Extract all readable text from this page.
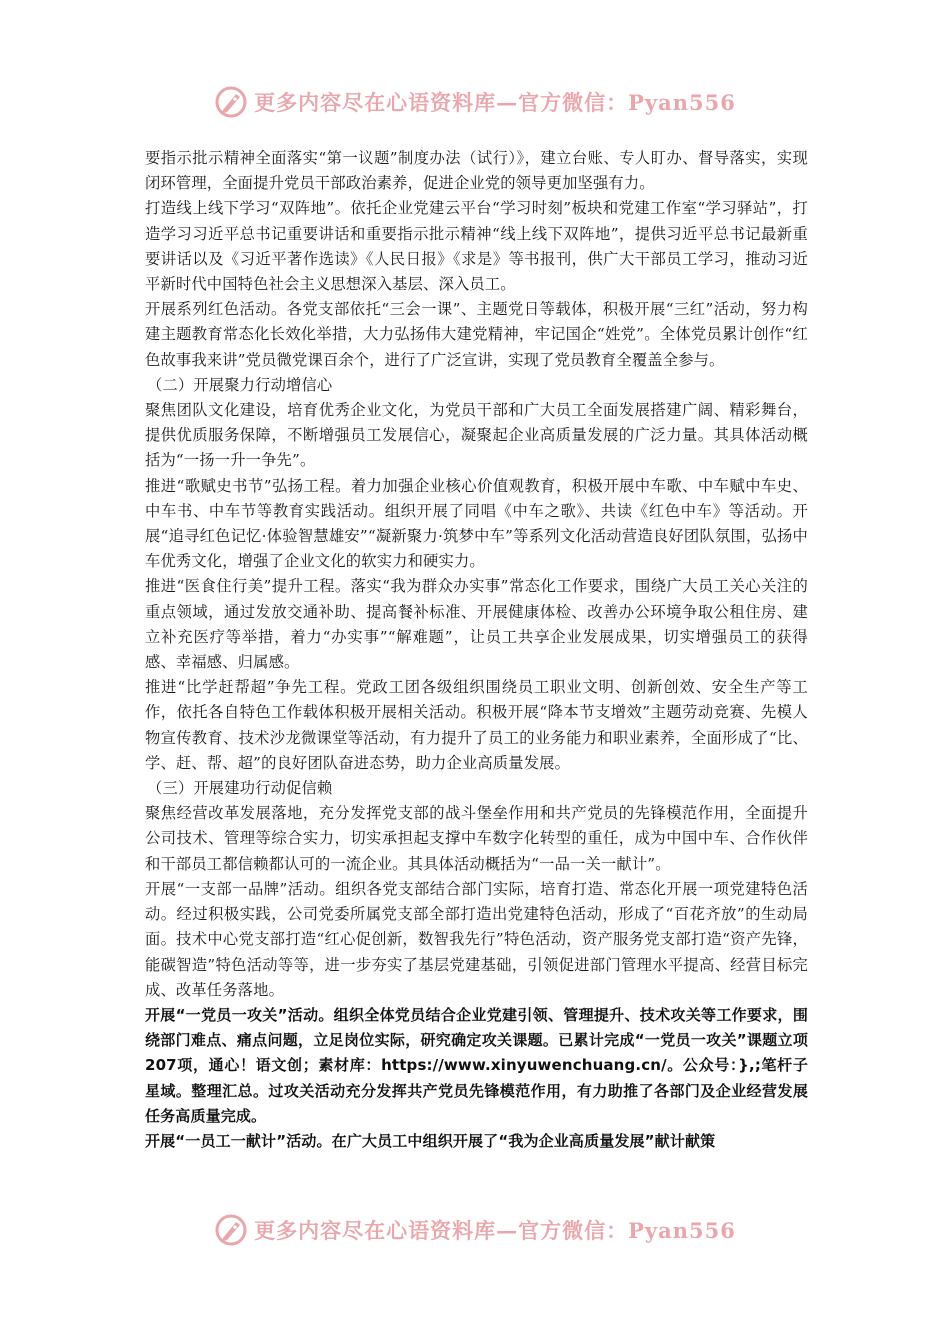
更多内容尽在心语资料库—官方微信：Pyan556

要指示批示精神全面落实“第一议题”制度办法（试行）》，建立台账、专人盯办、督导落实，实现闭环管理，全面提升党员干部政治素养，促进企业党的领导更加坚强有力。

打造线上线下学习“双阵地”。依托企业党建云平台“学习时刻”板块和党建工作室“学习驿站”，打造学习习近平总书记重要讲话和重要指示批示精神“线上线下双阵地”，提供习近平总书记最新重要讲话以及《习近平著作选读》《人民日报》《求是》等书报刊，供广大干部员工学习，推动习近平新时代中国特色社会主义思想深入基层、深入员工。

开展系列红色活动。各党支部依托“三会一课”、主题党日等载体，积极开展“三红”活动，努力构建主题教育常态化长效化举措，大力弘扬伟大建党精神，牢记国企“姓党”。全体党员累计创作“红色故事我来讲”党员微党课百余个，进行了广泛宣讲，实现了党员教育全覆盖全参与。

（二）开展聚力行动增信心

聚焦团队文化建设，培育优秀企业文化，为党员干部和广大员工全面发展搭建广阔、精彩舞台，提供优质服务保障，不断增强员工发展信心，凝聚起企业高质量发展的广泛力量。其具体活动概括为“一扬一升一争先”。

推进“歌赋史书节”弘扬工程。着力加强企业核心价值观教育，积极开展中车歌、中车赋中车史、中车书、中车节等教育实践活动。组织开展了同唱《中车之歌》、共读《红色中车》等活动。开展“追寻红色记忆·体验智慧雄安”“凝新聚力·筑梦中车”等系列文化活动营造良好团队氛围，弘扬中车优秀文化，增强了企业文化的软实力和硬实力。

推进“医食住行美”提升工程。落实“我为群众办实事”常态化工作要求，围绕广大员工关心关注的重点领域，通过发放交通补助、提高餐补标准、开展健康体检、改善办公环境争取公租住房、建立补充医疗等举措，着力“办实事”“解难题”，让员工共享企业发展成果，切实增强员工的获得感、幸福感、归属感。

推进“比学赶帮超”争先工程。党政工团各级组织围绕员工职业文明、创新创效、安全生产等工作，依托各自特色工作载体积极开展相关活动。积极开展“降本节支增效”主题劳动竞赛、先模人物宣传教育、技术沙龙微课堂等活动，有力提升了员工的业务能力和职业素养，全面形成了“比、学、赶、帮、超”的良好团队奋进态势，助力企业高质量发展。

（三）开展建功行动促信赖

聚焦经营改革发展落地，充分发挥党支部的战斗堡垒作用和共产党员的先锋模范作用，全面提升公司技术、管理等综合实力，切实承担起支撑中车数字化转型的重任，成为中国中车、合作伙伴和干部员工都信赖都认可的一流企业。其具体活动概括为“一品一关一献计”。

开展“一支部一品牌”活动。组织各党支部结合部门实际，培育打造、常态化开展一项党建特色活动。经过积极实践，公司党委所属党支部全部打造出党建特色活动，形成了“百花齐放”的生动局面。技术中心党支部打造“红心促创新，数智我先行”特色活动，资产服务党支部打造“资产先锋，能碳智造”特色活动等等，进一步夯实了基层党建基础，引领促进部门管理水平提高、经营目标完成、改革任务落地。

开展“一党员一攻关”活动。组织全体党员结合企业党建引领、管理提升、技术攻关等工作要求，围绕部门难点、痛点问题，立足岗位实际，研究确定攻关课题。已累计完成“一党员一攻关”课题立项207项，通心！语文创；素材库：https://www.xinyuwenchuang.cn/。公众号：},;笔杆子星域。整理汇总。过攻关活动充分发挥共产党员先锋模范作用，有力助推了各部门及企业经营发展任务高质量完成。

开展“一员工一献计”活动。在广大员工中组织开展了“我为企业高质量发展”献计献策

更多内容尽在心语资料库—官方微信：Pyan556
